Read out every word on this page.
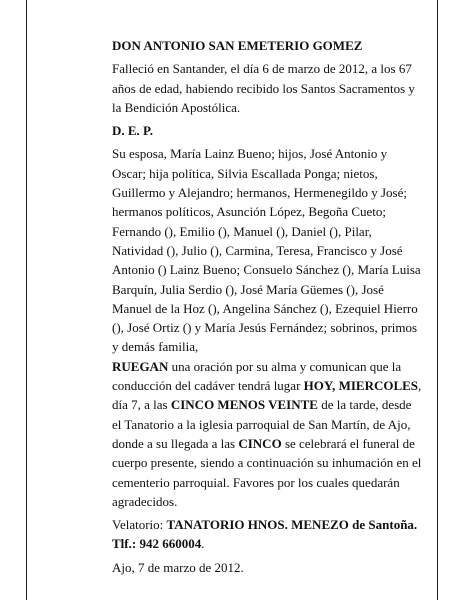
DON ANTONIO SAN EMETERIO GOMEZ

Falleció en Santander, el día 6 de marzo de 2012, a los 67 años de edad, habiendo recibido los Santos Sacramentos y la Bendición Apostólica.

D. E. P.

Su esposa, María Lainz Bueno; hijos, José Antonio y Oscar; hija política, Silvia Escallada Ponga; nietos, Guillermo y Alejandro; hermanos, Hermenegildo y José; hermanos políticos, Asunción López, Begoña Cueto; Fernando (), Emilio (), Manuel (), Daniel (), Pilar, Natividad (), Julio (), Carmina, Teresa, Francisco y José Antonio () Lainz Bueno; Consuelo Sánchez (), María Luisa Barquín, Julia Serdio (), José María Güemes (), José Manuel de la Hoz (), Angelina Sánchez (), Ezequiel Hierro (), José Ortiz () y María Jesús Fernández; sobrinos, primos y demás familia,
RUEGAN una oración por su alma y comunican que la conducción del cadáver tendrá lugar HOY, MIERCOLES, día 7, a las CINCO MENOS VEINTE de la tarde, desde el Tanatorio a la iglesia parroquial de San Martín, de Ajo, donde a su llegada a las CINCO se celebrará el funeral de cuerpo presente, siendo a continuación su inhumación en el cementerio parroquial. Favores por los cuales quedarán agradecidos.

Velatorio: TANATORIO HNOS. MENEZO de Santoña. Tlf.: 942 660004.

Ajo, 7 de marzo de 2012.
